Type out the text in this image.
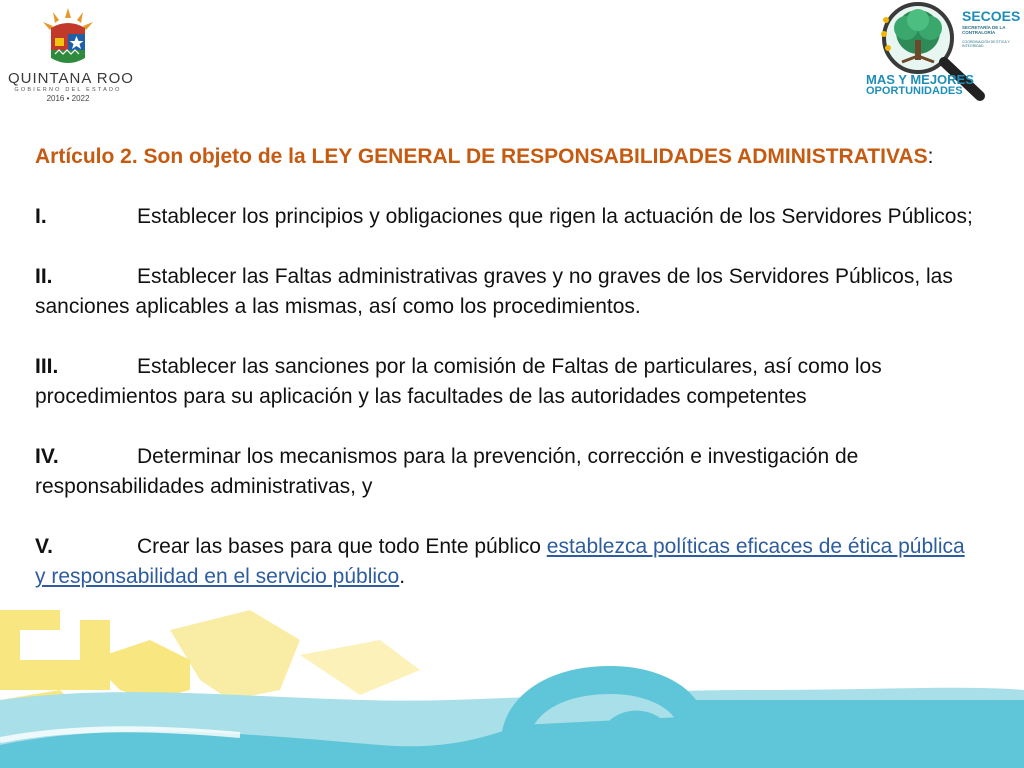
QUINTANA ROO
GOBIERNO DEL ESTADO
2016 • 2022
SECOES
SECRETARÍA DE LA CONTRALORÍA
COORDINACIÓN DE ÉTICA Y INTEGRIDAD
MAS Y MEJORES
OPORTUNIDADES
Artículo 2. Son objeto de la LEY GENERAL DE RESPONSABILIDADES ADMINISTRATIVAS:
I.	Establecer los principios y obligaciones que rigen la actuación de los Servidores Públicos;
II.	Establecer las Faltas administrativas graves y no graves de los Servidores Públicos, las sanciones aplicables a las mismas, así como los procedimientos.
III.	Establecer las sanciones por la comisión de Faltas de particulares, así como los procedimientos para su aplicación y las facultades de las autoridades competentes
IV.	Determinar los mecanismos para la prevención, corrección e investigación de responsabilidades administrativas, y
V.	Crear las bases para que todo Ente público establezca políticas eficaces de ética pública y responsabilidad en el servicio público.
